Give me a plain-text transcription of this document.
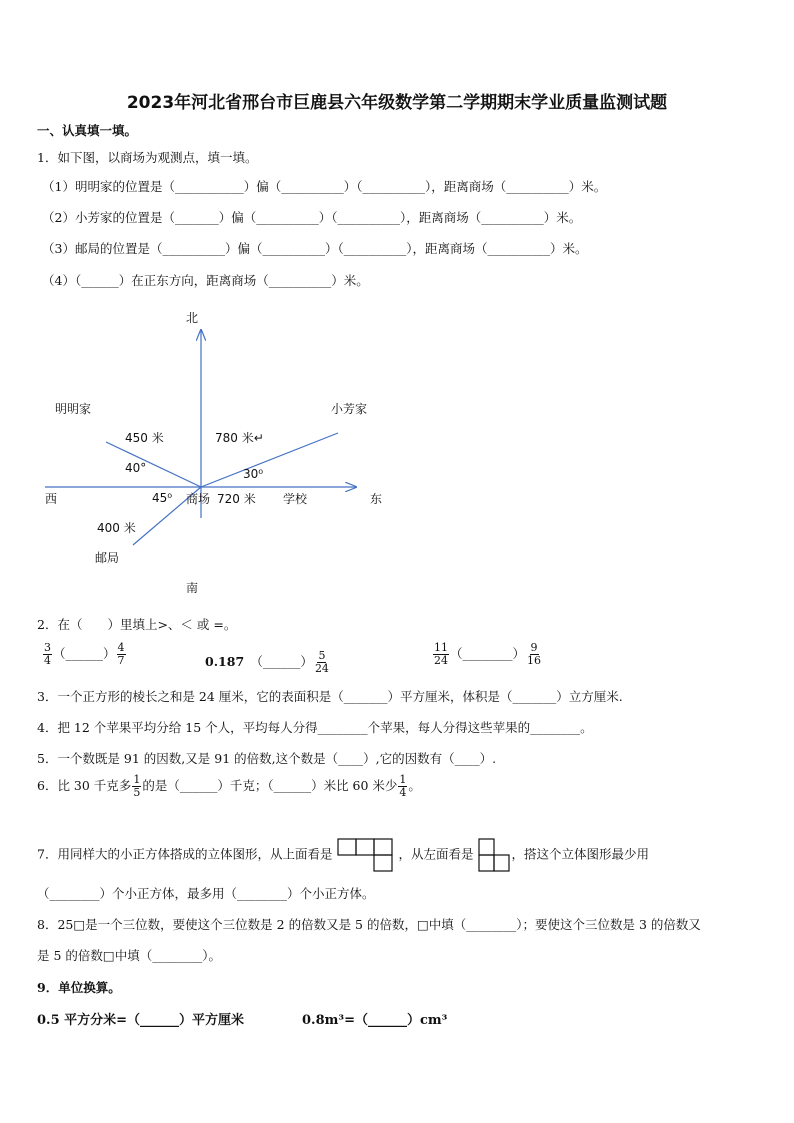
2023年河北省邢台市巨鹿县六年级数学第二学期期末学业质量监测试题
一、认真填一填。
1．如下图，以商场为观测点，填一填。
（1）明明家的位置是（___________）偏（__________）（__________），距离商场（__________）米。
（2）小芳家的位置是（_______）偏（__________）（__________），距离商场（__________）米。
（3）邮局的位置是（__________）偏（__________）（__________），距离商场（__________）米。
（4）（______）在正东方向，距离商场（__________）米。
北
南
西	东
明明家	小芳家
邮局
商场	学校
450 米	780 米↵
720 米
400 米
40°	30⁰
45⁰
2．在（　　）里填上>、＜ 或 =。
$\frac{3}{4}$ （______） $\frac{4}{7}$	0.187　 （______） $\frac{5}{24}$	$\frac{11}{24}$ （________） $\frac{9}{16}$
3．一个正方形的棱长之和是 24 厘米，它的表面积是（_______）平方厘米，体积是（_______）立方厘米.
4．把 12 个苹果平均分给 15 个人，平均每人分得________个苹果，每人分得这些苹果的________。
5．一个数既是 91 的因数,又是 91 的倍数,这个数是（____）,它的因数有（____）.
6．比 30 千克多 $\frac{1}{5}$ 的是（______）千克；（______）米比 60 米少 $\frac{1}{4}$ 。
7．用同样大的小正方体搭成的立体图形，从上面看是	，从左面看是	，搭这个立体图形最少用
（________）个小正方体，最多用（________）个小正方体。
8．25□是一个三位数，要使这个三位数是 2 的倍数又是 5 的倍数，□中填（________）；要使这个三位数是 3 的倍数又
是 5 的倍数□中填（________）。
9．单位换算。
0.5 平方分米=（______）平方厘米	0.8m³=（______）cm³
